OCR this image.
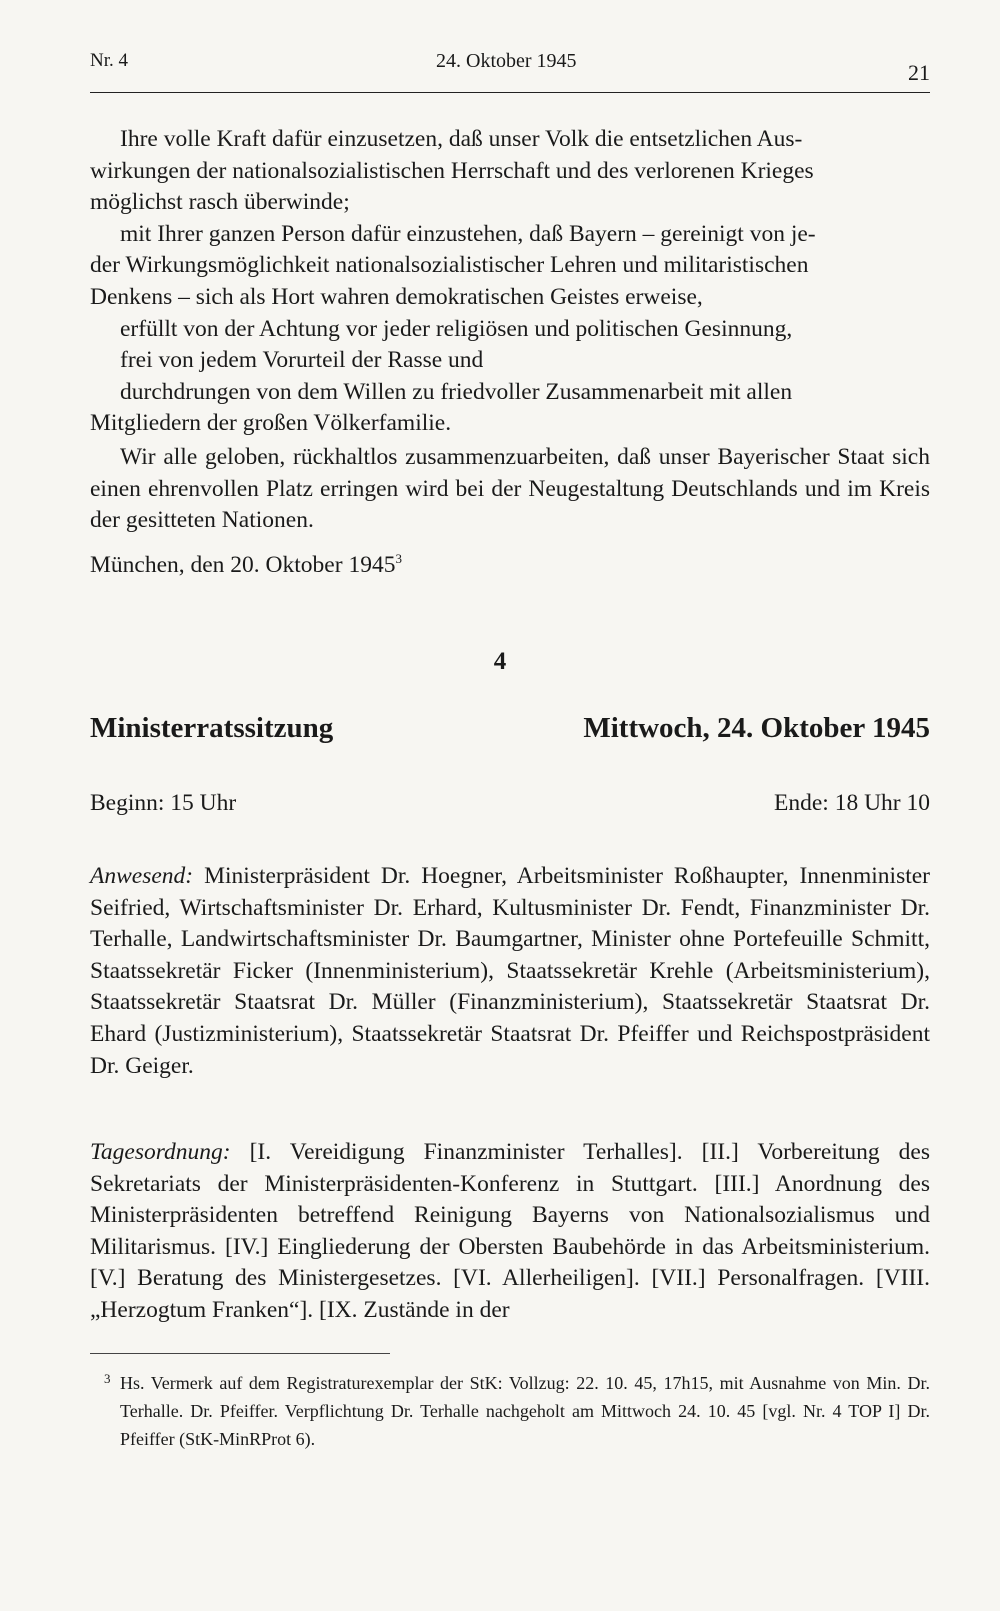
Nr. 4	24. Oktober 1945	21
Ihre volle Kraft dafür einzusetzen, daß unser Volk die entsetzlichen Aus-
wirkungen der nationalsozialistischen Herrschaft und des verlorenen Krieges
möglichst rasch überwinde;
mit Ihrer ganzen Person dafür einzustehen, daß Bayern – gereinigt von je-
der Wirkungsmöglichkeit nationalsozialistischer Lehren und militaristischen
Denkens – sich als Hort wahren demokratischen Geistes erweise,
erfüllt von der Achtung vor jeder religiösen und politischen Gesinnung,
frei von jedem Vorurteil der Rasse und
durchdrungen von dem Willen zu friedvoller Zusammenarbeit mit allen
Mitgliedern der großen Völkerfamilie.
Wir alle geloben, rückhaltlos zusammenzuarbeiten, daß unser Bayerischer Staat sich einen ehrenvollen Platz erringen wird bei der Neugestaltung Deutschlands und im Kreis der gesitteten Nationen.
München, den 20. Oktober 1945$^3$
4
Ministerratssitzung	Mittwoch, 24. Oktober 1945
Beginn: 15 Uhr	Ende: 18 Uhr 10
Anwesend: Ministerpräsident Dr. Hoegner, Arbeitsminister Roßhaupter, Innenminister Seifried, Wirtschaftsminister Dr. Erhard, Kultusminister Dr. Fendt, Finanzminister Dr. Terhalle, Landwirtschaftsminister Dr. Baumgartner, Minister ohne Portefeuille Schmitt, Staatssekretär Ficker (Innenministerium), Staatssekretär Krehle (Arbeitsministerium), Staatssekretär Staatsrat Dr. Müller (Finanzministerium), Staatssekretär Staatsrat Dr. Ehard (Justizministerium), Staatssekretär Staatsrat Dr. Pfeiffer und Reichspostpräsident Dr. Geiger.
Tagesordnung: [I. Vereidigung Finanzminister Terhalles]. [II.] Vorbereitung des Sekretariats der Ministerpräsidenten-Konferenz in Stuttgart. [III.] Anordnung des Ministerpräsidenten betreffend Reinigung Bayerns von Nationalsozialismus und Militarismus. [IV.] Eingliederung der Obersten Baubehörde in das Arbeitsministerium. [V.] Beratung des Ministergesetzes. [VI. Allerheiligen]. [VII.] Personalfragen. [VIII. „Herzogtum Franken“]. [IX. Zustände in der
3 Hs. Vermerk auf dem Registraturexemplar der StK: Vollzug: 22. 10. 45, 17h15, mit Ausnahme von Min. Dr. Terhalle. Dr. Pfeiffer. Verpflichtung Dr. Terhalle nachgeholt am Mittwoch 24. 10. 45 [vgl. Nr. 4 TOP I] Dr. Pfeiffer (StK-MinRProt 6).
